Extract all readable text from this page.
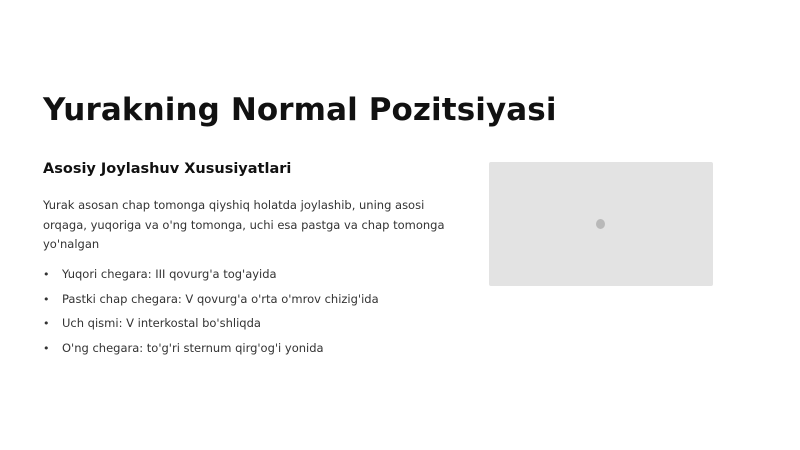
Yurakning Normal Pozitsiyasi
Asosiy Joylashuv Xususiyatlari

Yurak asosan chap tomonga qiyshiq holatda joylashib, uning asosi orqaga, yuqoriga va o'ng tomonga, uchi esa pastga va chap tomonga yo'nalgan

•	Yuqori chegara: III qovurg'a tog'ayida
•	Pastki chap chegara: V qovurg'a o'rta o'mrov chizig'ida
•	Uch qismi: V interkostal bo'shliqda
•	O'ng chegara: to'g'ri sternum qirg'og'i yonida
